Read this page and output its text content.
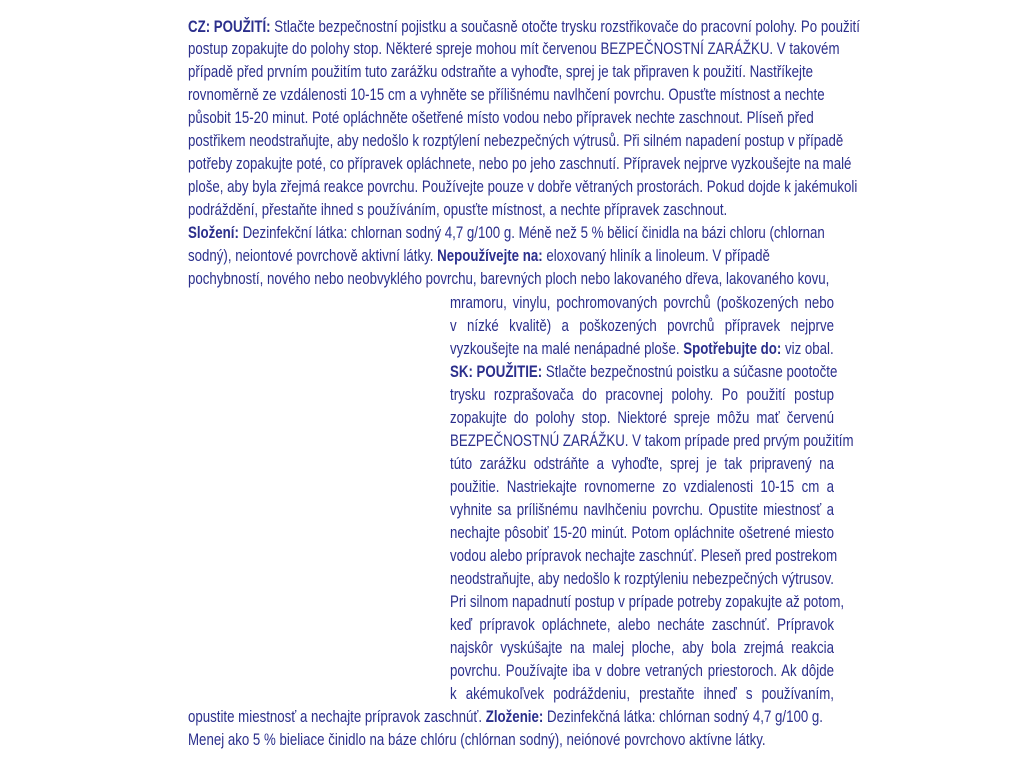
CZ: POUŽITÍ: Stlačte bezpečnostní pojistku a současně otočte trysku rozstřikovače do pracovní polohy. Po použití
postup zopakujte do polohy stop. Některé spreje mohou mít červenou BEZPEČNOSTNÍ ZARÁŽKU. V takovém
případě před prvním použitím tuto zarážku odstraňte a vyhoďte, sprej je tak připraven k použití. Nastříkejte
rovnoměrně ze vzdálenosti 10-15 cm a vyhněte se přílišnému navlhčení povrchu. Opusťte místnost a nechte
působit 15-20 minut. Poté opláchněte ošetřené místo vodou nebo přípravek nechte zaschnout. Plíseň před
postřikem neodstraňujte, aby nedošlo k rozptýlení nebezpečných výtrusů. Při silném napadení postup v případě
potřeby zopakujte poté, co přípravek opláchnete, nebo po jeho zaschnutí. Přípravek nejprve vyzkoušejte na malé
ploše, aby byla zřejmá reakce povrchu. Používejte pouze v dobře větraných prostorách. Pokud dojde k jakémukoli
podráždění, přestaňte ihned s používáním, opusťte místnost, a nechte přípravek zaschnout.
Složení: Dezinfekční látka: chlornan sodný 4,7 g/100 g. Méně než 5 % bělicí činidla na bázi chloru (chlornan
sodný), neiontové povrchově aktivní látky. Nepoužívejte na: eloxovaný hliník a linoleum. V případě
pochybností, nového nebo neobvyklého povrchu, barevných ploch nebo lakovaného dřeva, lakovaného kovu,
mramoru, vinylu, pochromovaných povrchů (poškozených nebo
v nízké kvalitě) a poškozených povrchů přípravek nejprve
vyzkoušejte na malé nenápadné ploše. Spotřebujte do: viz obal.
SK: POUŽITIE: Stlačte bezpečnostnú poistku a súčasne pootočte
trysku rozprašovača do pracovnej polohy. Po použití postup
zopakujte do polohy stop. Niektoré spreje môžu mať červenú
BEZPEČNOSTNÚ ZARÁŽKU. V takom prípade pred prvým použitím
túto zarážku odstráňte a vyhoďte, sprej je tak pripravený na
použitie. Nastriekajte rovnomerne zo vzdialenosti 10-15 cm a
vyhnite sa prílišnému navlhčeniu povrchu. Opustite miestnosť a
nechajte pôsobiť 15-20 minút. Potom opláchnite ošetrené miesto
vodou alebo prípravok nechajte zaschnúť. Pleseň pred postrekom
neodstraňujte, aby nedošlo k rozptýleniu nebezpečných výtrusov.
Pri silnom napadnutí postup v prípade potreby zopakujte až potom,
keď prípravok opláchnete, alebo necháte zaschnúť. Prípravok
najskôr vyskúšajte na malej ploche, aby bola zrejmá reakcia
povrchu. Používajte iba v dobre vetraných priestoroch. Ak dôjde
k akémukoľvek podráždeniu, prestaňte ihneď s používaním,
opustite miestnosť a nechajte prípravok zaschnúť. Zloženie: Dezinfekčná látka: chlórnan sodný 4,7 g/100 g.
Menej ako 5 % bieliace činidlo na báze chlóru (chlórnan sodný), neiónové povrchovo aktívne látky.
